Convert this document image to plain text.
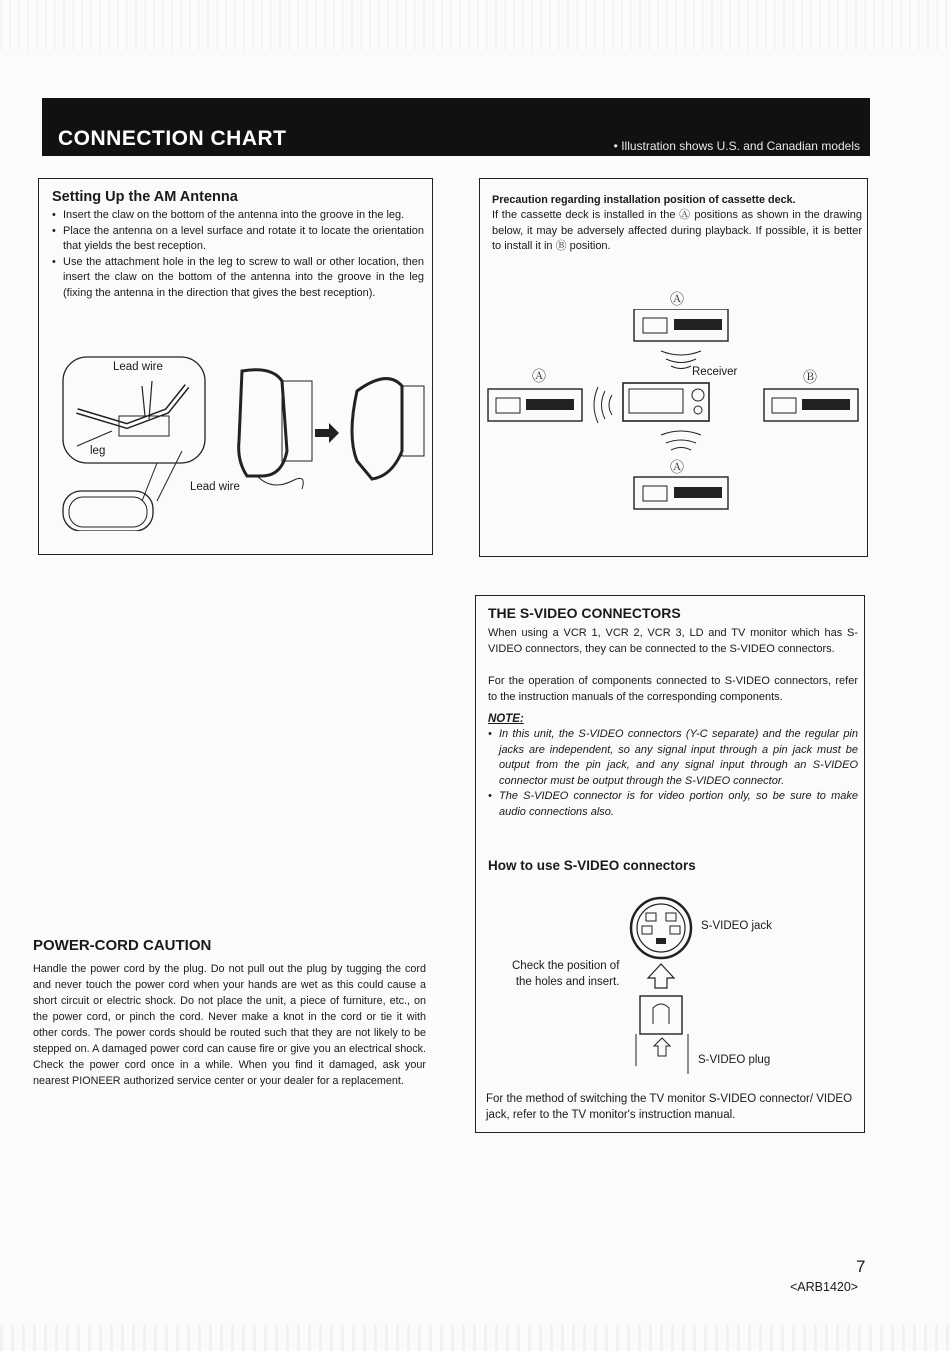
CONNECTION CHART	• Illustration shows U.S. and Canadian models
Setting Up the AM Antenna
• Insert the claw on the bottom of the antenna into the groove in the leg.
• Place the antenna on a level surface and rotate it to locate the orientation that yields the best reception.
• Use the attachment hole in the leg to screw to wall or other location, then insert the claw on the bottom of the antenna into the groove in the leg (fixing the antenna in the direction that gives the best reception).
Lead wire
leg
Lead wire
Precaution regarding installation position of cassette deck.
If the cassette deck is installed in the Ⓐ positions as shown in the drawing below, it may be adversely affected during playback. If possible, it is better to install it in Ⓑ position.
Ⓐ
Ⓐ	Receiver	Ⓑ
Ⓐ
THE S-VIDEO CONNECTORS
When using a VCR 1, VCR 2, VCR 3, LD and TV monitor which has S-VIDEO connectors, they can be connected to the S-VIDEO connectors.
For the operation of components connected to S-VIDEO connectors, refer to the instruction manuals of the corresponding components.
NOTE:
• In this unit, the S-VIDEO connectors (Y-C separate) and the regular pin jacks are independent, so any signal input through a pin jack must be output from the pin jack, and any signal input through an S-VIDEO connector must be output through the S-VIDEO connector.
• The S-VIDEO connector is for video portion only, so be sure to make audio connections also.
How to use S-VIDEO connectors
S-VIDEO jack
Check the position of
the holes and insert.
S-VIDEO plug
For the method of switching the TV monitor S-VIDEO connector/ VIDEO jack, refer to the TV monitor's instruction manual.
POWER-CORD CAUTION
Handle the power cord by the plug. Do not pull out the plug by tugging the cord and never touch the power cord when your hands are wet as this could cause a short circuit or electric shock. Do not place the unit, a piece of furniture, etc., on the power cord, or pinch the cord. Never make a knot in the cord or tie it with other cords. The power cords should be routed such that they are not likely to be stepped on. A damaged power cord can cause fire or give you an electrical shock. Check the power cord once in a while. When you find it damaged, ask your nearest PIONEER authorized service center or your dealer for a replacement.
7
<ARB1420>
